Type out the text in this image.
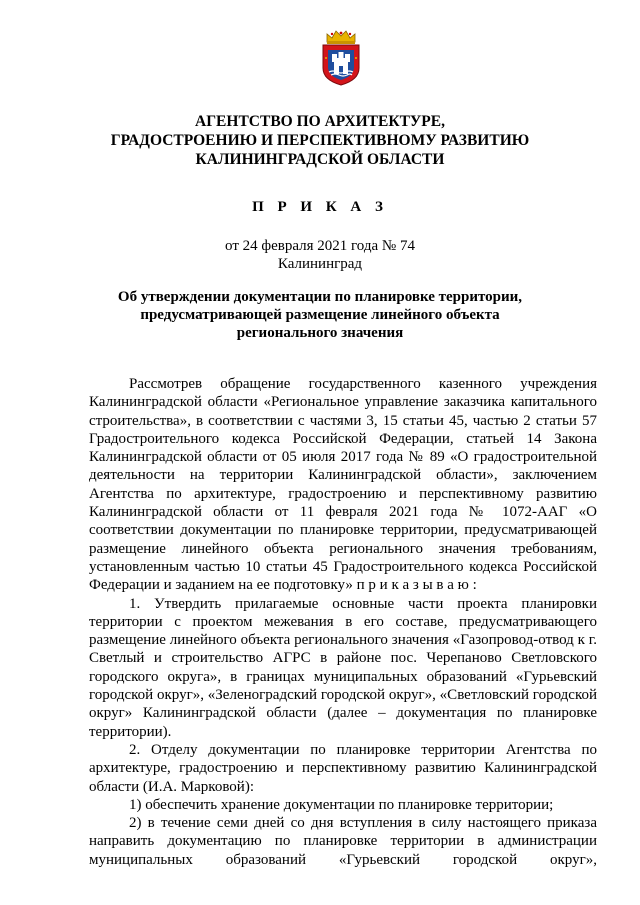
АГЕНТСТВО ПО АРХИТЕКТУРЕ,
ГРАДОСТРОЕНИЮ И ПЕРСПЕКТИВНОМУ РАЗВИТИЮ
КАЛИНИНГРАДСКОЙ ОБЛАСТИ
П Р И К А З
от 24 февраля 2021 года № 74
Калининград
Об утверждении документации по планировке территории,
предусматривающей размещение линейного объекта
регионального значения

Рассмотрев обращение государственного казенного учреждения Калининградской области «Региональное управление заказчика капитального строительства», в соответствии с частями 3, 15 статьи 45, частью 2 статьи 57 Градостроительного кодекса Российской Федерации, статьей 14 Закона Калининградской области от 05 июля 2017 года № 89 «О градостроительной деятельности на территории Калининградской области», заключением Агентства по архитектуре, градостроению и перспективному развитию Калининградской области от 11 февраля 2021 года № 1072-ААГ «О соответствии документации по планировке территории, предусматривающей размещение линейного объекта регионального значения требованиям, установленным частью 10 статьи 45 Градостроительного кодекса Российской Федерации и заданием на ее подготовку» п р и к а з ы в а ю :

1. Утвердить прилагаемые основные части проекта планировки территории с проектом межевания в его составе, предусматривающего размещение линейного объекта регионального значения «Газопровод-отвод к г. Светлый и строительство АГРС в районе пос. Черепаново Светловского городского округа», в границах муниципальных образований «Гурьевский городской округ», «Зеленоградский городской округ», «Светловский городской округ» Калининградской области (далее – документация по планировке территории).

2. Отделу документации по планировке территории Агентства по архитектуре, градостроению и перспективному развитию Калининградской области (И.А. Марковой):

1) обеспечить хранение документации по планировке территории;

2) в течение семи дней со дня вступления в силу настоящего приказа направить документацию по планировке территории в администрации муниципальных образований «Гурьевский городской округ»,
